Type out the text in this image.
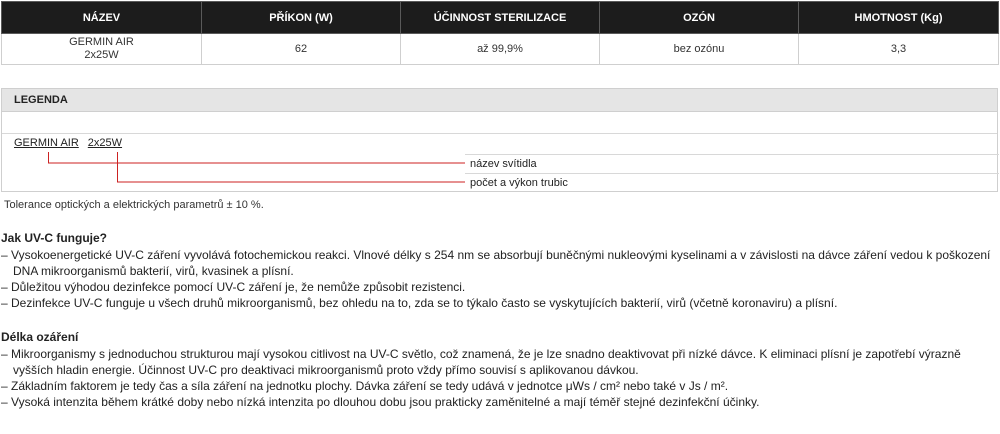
NÁZEV	PŘÍKON (W)	ÚČINNOST STERILIZACE	OZÓN	HMOTNOST (Kg)

GERMIN AIR
2x25W	62	až 99,9%	bez ozónu	3,3
LEGENDA
GERMIN AIR 2x25W
název svítidla
počet a výkon trubic
Tolerance optických a elektrických parametrů ± 10 %.
Jak UV-C funguje?
– Vysokoenergetické UV-C záření vyvolává fotochemickou reakci. Vlnové délky s 254 nm se absorbují buněčnými nukleovými kyselinami a v závislosti na dávce záření vedou k poškození DNA mikroorganismů bakterií, virů, kvasinek a plísní.
– Důležitou výhodou dezinfekce pomocí UV-C záření je, že nemůže způsobit rezistenci.
– Dezinfekce UV-C funguje u všech druhů mikroorganismů, bez ohledu na to, zda se to týkalo často se vyskytujících bakterií, virů (včetně koronaviru) a plísní.
Délka ozáření
– Mikroorganismy s jednoduchou strukturou mají vysokou citlivost na UV-C světlo, což znamená, že je lze snadno deaktivovat při nízké dávce. K eliminaci plísní je zapotřebí výrazně vyšších hladin energie. Účinnost UV-C pro deaktivaci mikroorganismů proto vždy přímo souvisí s aplikovanou dávkou.
– Základním faktorem je tedy čas a síla záření na jednotku plochy. Dávka záření se tedy udává v jednotce μWs / cm² nebo také v Js / m².
– Vysoká intenzita během krátké doby nebo nízká intenzita po dlouhou dobu jsou prakticky zaměnitelné a mají téměř stejné dezinfekční účinky.
